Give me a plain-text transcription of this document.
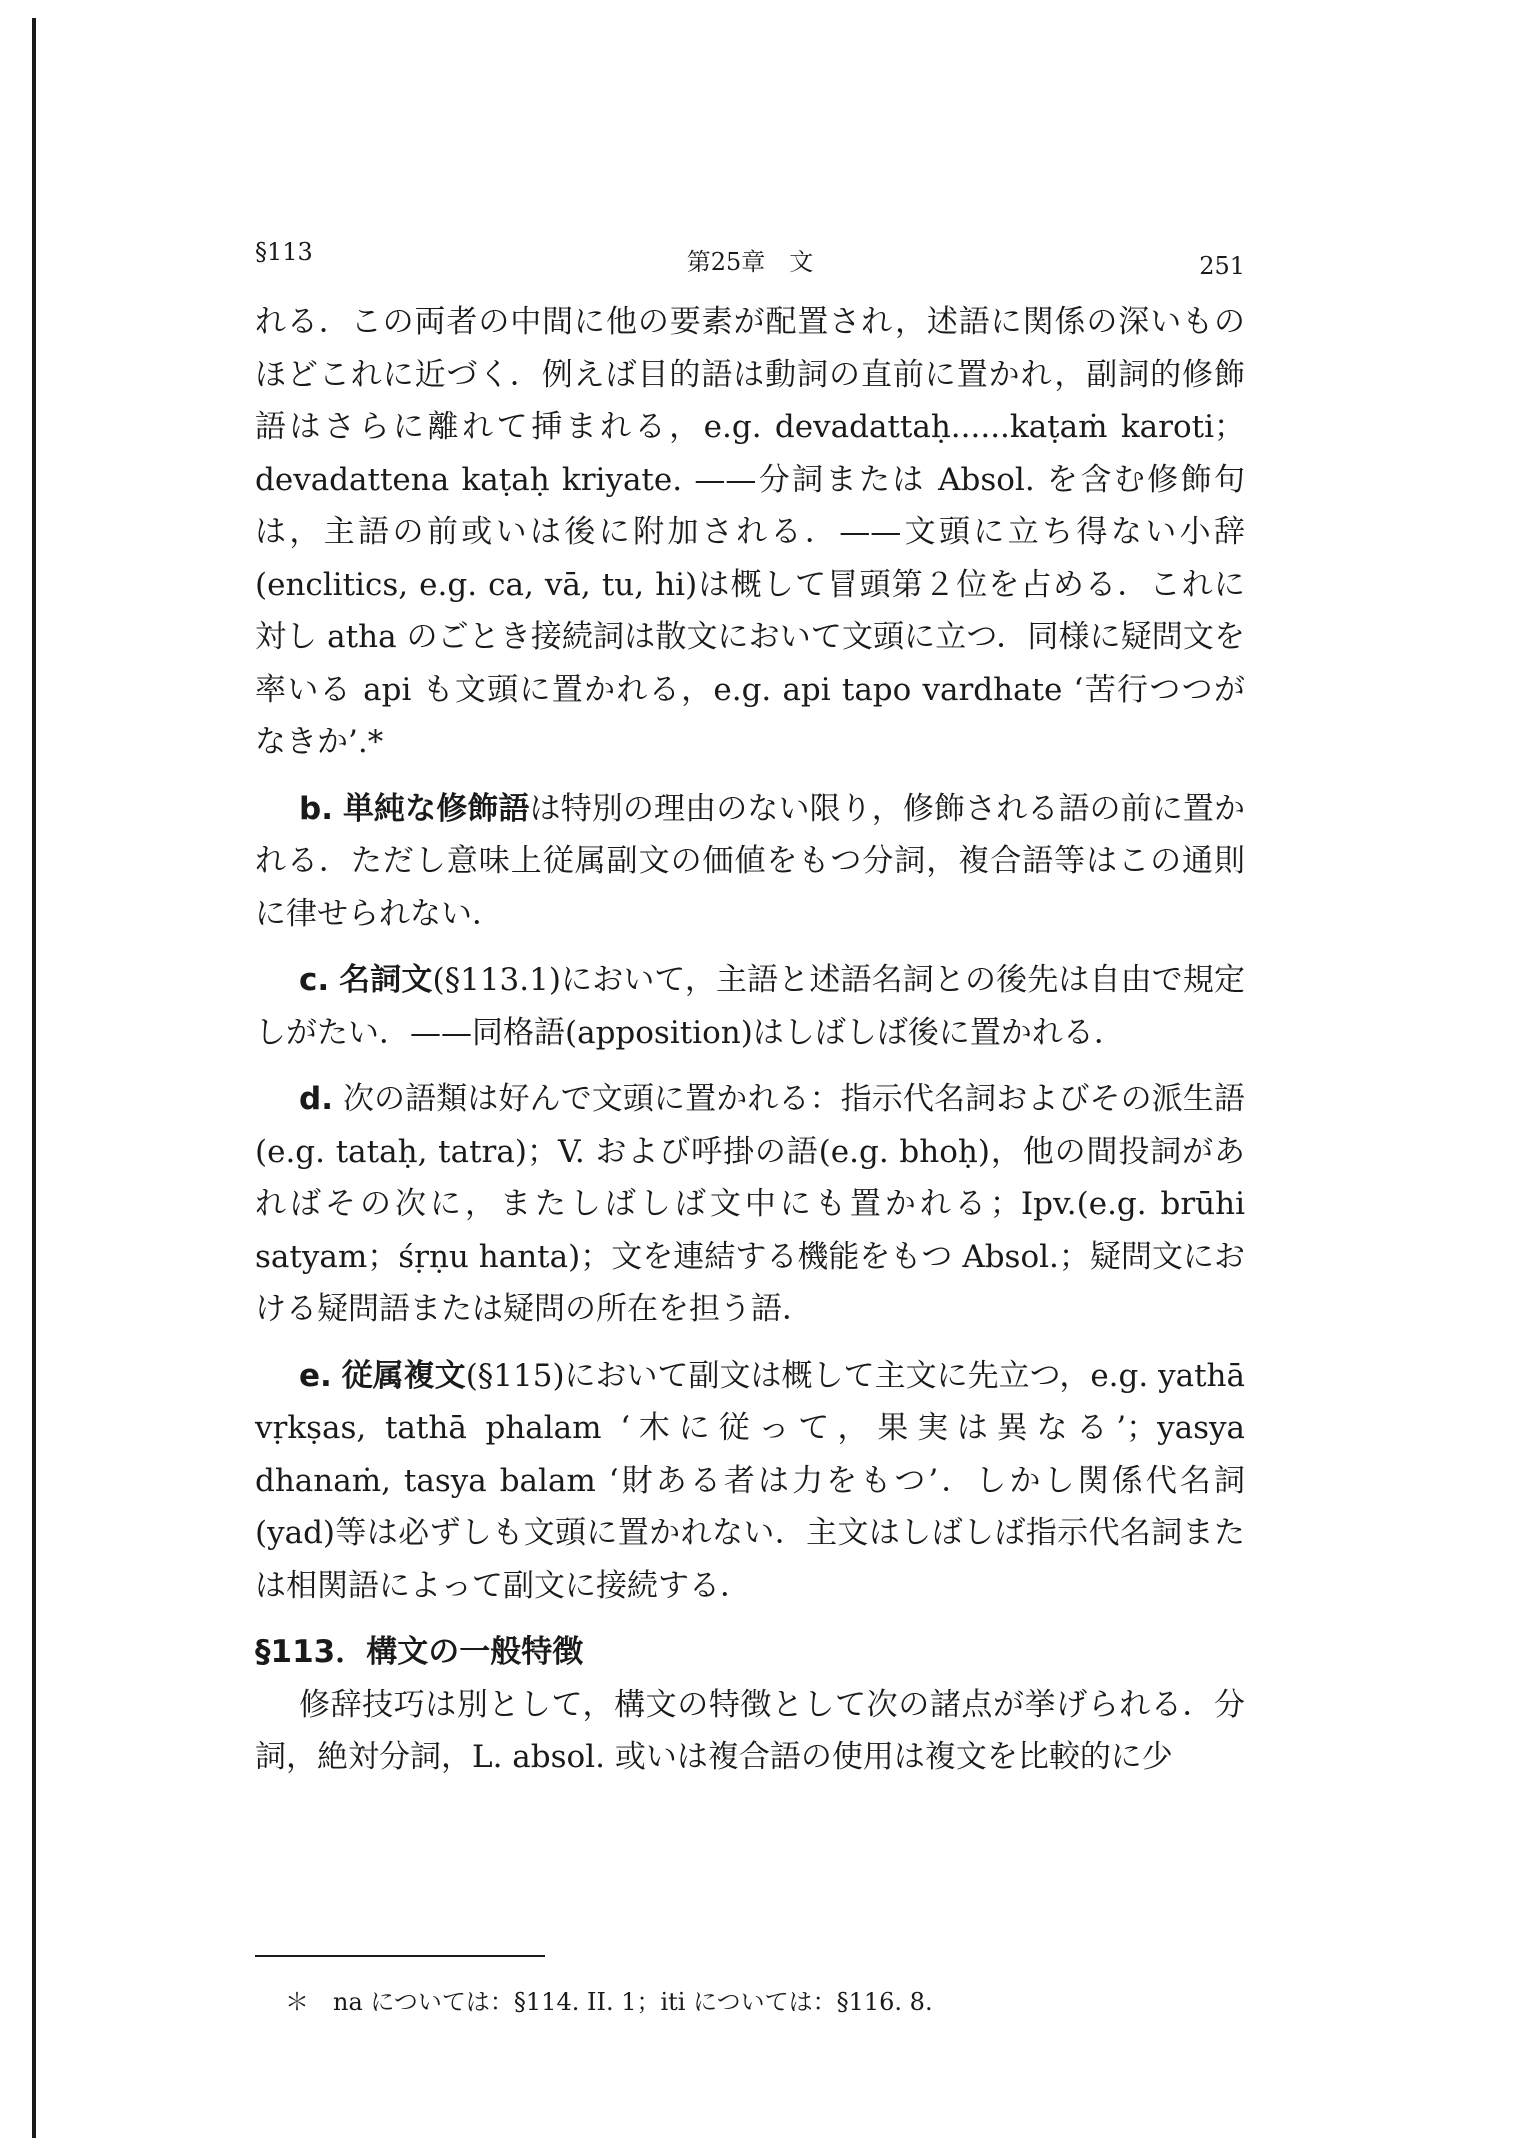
§113	第25章　文	251

れる．この両者の中間に他の要素が配置され，述語に関係の深いものほどこれに近づく．例えば目的語は動詞の直前に置かれ，副詞的修飾語はさらに離れて挿まれる，e.g. devadattaḥ......kaṭaṁ karoti；devadattena kaṭaḥ kriyate. ——分詞または Absol. を含む修飾句は，主語の前或いは後に附加される．——文頭に立ち得ない小辞(enclitics, e.g. ca, vā, tu, hi)は概して冒頭第２位を占める．これに対し atha のごとき接続詞は散文において文頭に立つ．同様に疑問文を率いる api も文頭に置かれる，e.g. api tapo vardhate ‘苦行つつがなきか’.*

b. 単純な修飾語は特別の理由のない限り，修飾される語の前に置かれる．ただし意味上従属副文の価値をもつ分詞，複合語等はこの通則に律せられない．

c. 名詞文(§113.1)において，主語と述語名詞との後先は自由で規定しがたい．——同格語(apposition)はしばしば後に置かれる．

d. 次の語類は好んで文頭に置かれる：指示代名詞およびその派生語(e.g. tataḥ, tatra)；V. および呼掛の語(e.g. bhoḥ)，他の間投詞があればその次に，またしばしば文中にも置かれる；Ipv.(e.g. brūhi satyam；śṛṇu hanta)；文を連結する機能をもつ Absol.；疑問文における疑問語または疑問の所在を担う語．

e. 従属複文(§115)において副文は概して主文に先立つ，e.g. yathā vṛkṣas, tathā phalam ‘木に従って，果実は異なる’；yasya dhanaṁ, tasya balam ‘財ある者は力をもつ’．しかし関係代名詞(yad)等は必ずしも文頭に置かれない．主文はしばしば指示代名詞または相関語によって副文に接続する．

§113．構文の一般特徴

修辞技巧は別として，構文の特徴として次の諸点が挙げられる．分詞，絶対分詞，L. absol. 或いは複合語の使用は複文を比較的に少

＊　na については：§114. II. 1；iti については：§116. 8.
